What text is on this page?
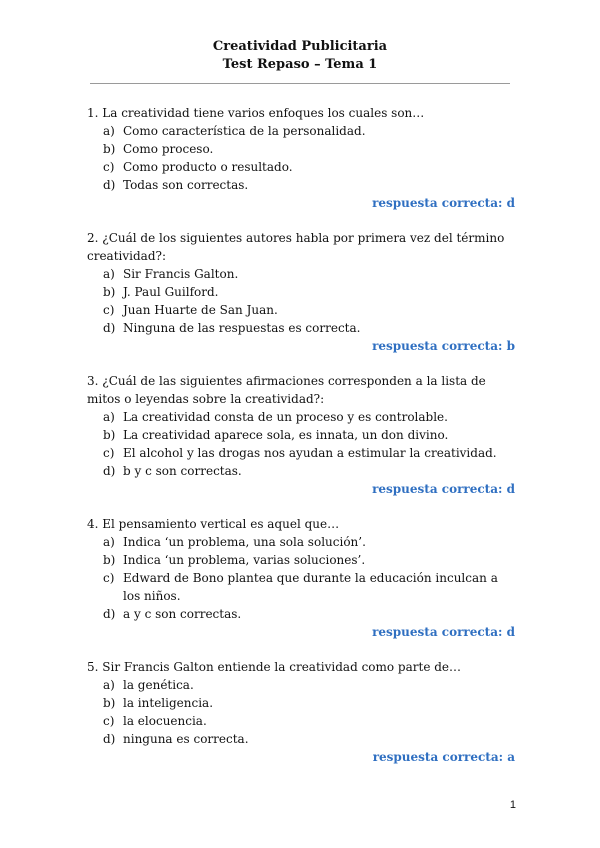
Creatividad Publicitaria
Test Repaso – Tema 1
1. La creatividad tiene varios enfoques los cuales son…
a) Como característica de la personalidad.
b) Como proceso.
c) Como producto o resultado.
d) Todas son correctas.
respuesta correcta: d
2. ¿Cuál de los siguientes autores habla por primera vez del término creatividad?:
a) Sir Francis Galton.
b) J. Paul Guilford.
c) Juan Huarte de San Juan.
d) Ninguna de las respuestas es correcta.
respuesta correcta: b
3. ¿Cuál de las siguientes afirmaciones corresponden a la lista de mitos o leyendas sobre la creatividad?:
a) La creatividad consta de un proceso y es controlable.
b) La creatividad aparece sola, es innata, un don divino.
c) El alcohol y las drogas nos ayudan a estimular la creatividad.
d) b y c son correctas.
respuesta correcta: d
4. El pensamiento vertical es aquel que…
a) Indica ‘un problema, una sola solución’.
b) Indica ‘un problema, varias soluciones’.
c) Edward de Bono plantea que durante la educación inculcan a los niños.
d) a y c son correctas.
respuesta correcta: d
5. Sir Francis Galton entiende la creatividad como parte de…
a) la genética.
b) la inteligencia.
c) la elocuencia.
d) ninguna es correcta.
respuesta correcta: a
1
